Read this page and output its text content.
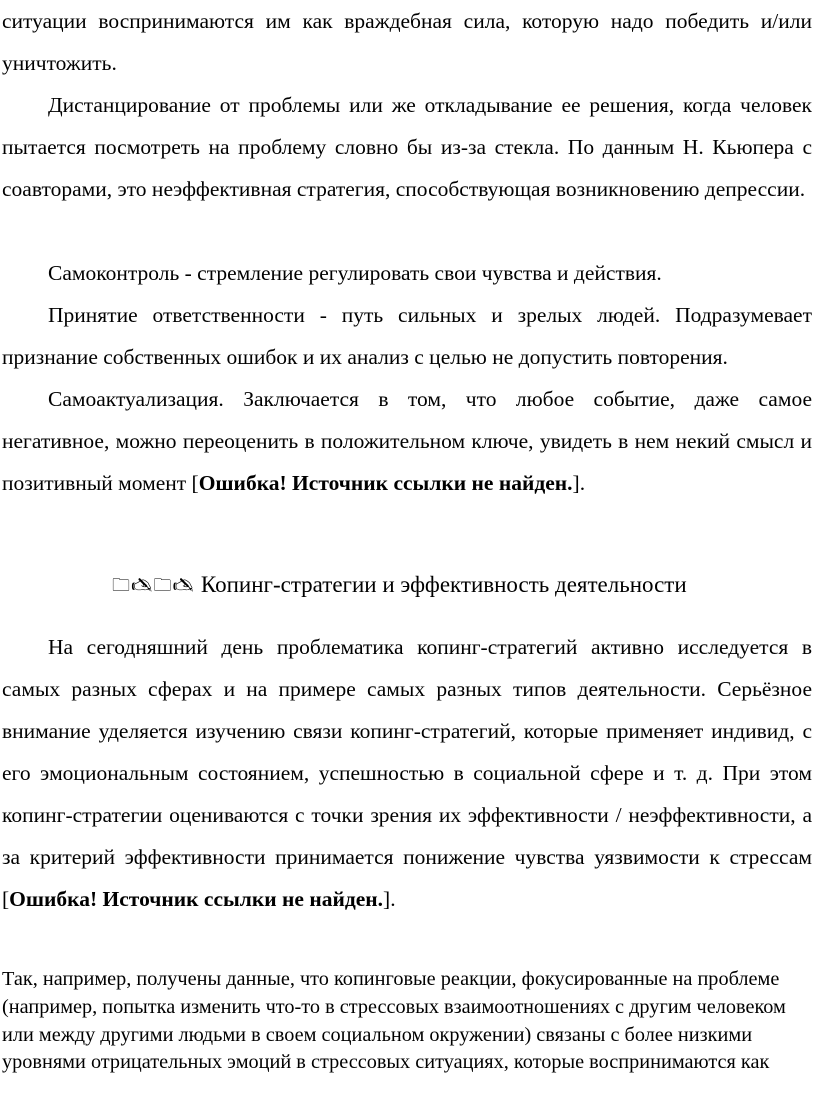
ситуации воспринимаются им как враждебная сила, которую надо победить и/или уничтожить.

Дистанцирование от проблемы или же откладывание ее решения, когда человек пытается посмотреть на проблему словно бы из-за стекла. По данным Н. Кьюпера с соавторами, это неэффективная стратегия, способствующая возникновению депрессии.

Самоконтроль - стремление регулировать свои чувства и действия.

Принятие ответственности - путь сильных и зрелых людей. Подразумевает признание собственных ошибок и их анализ с целью не допустить повторения.

Самоактуализация. Заключается в том, что любое событие, даже самое негативное, можно переоценить в положительном ключе, увидеть в нем некий смысл и позитивный момент [Ошибка! Источник ссылки не найден.].

🗀🖎🗀🖎 Копинг-стратегии и эффективность деятельности

На сегодняшний день проблематика копинг-стратегий активно исследуется в самых разных сферах и на примере самых разных типов деятельности. Серьёзное внимание уделяется изучению связи копинг-стратегий, которые применяет индивид, с его эмоциональным состоянием, успешностью в социальной сфере и т. д. При этом копинг-стратегии оцениваются с точки зрения их эффективности / неэффективности, а за критерий эффективности принимается понижение чувства уязвимости к стрессам [Ошибка! Источник ссылки не найден.].

Так, например, получены данные, что копинговые реакции, фокусированные на проблеме (например, попытка изменить что-то в стрессовых взаимоотношениях с другим человеком или между другими людьми в своем социальном окружении) связаны с более низкими уровнями отрицательных эмоций в стрессовых ситуациях, которые воспринимаются как
